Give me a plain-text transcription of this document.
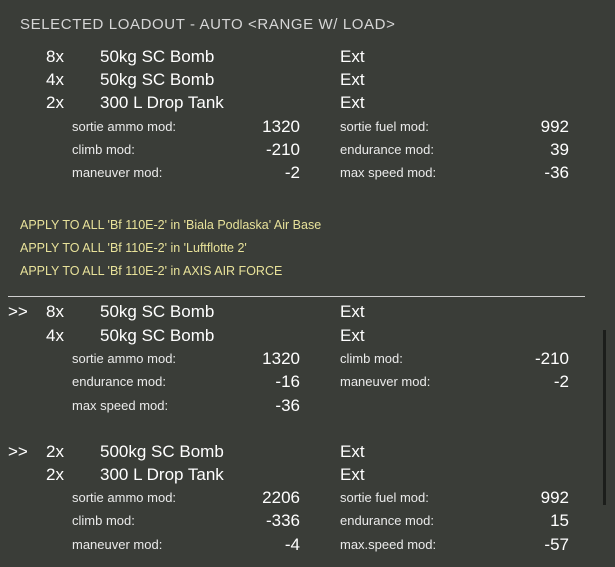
SELECTED LOADOUT - AUTO <RANGE W/ LOAD>
8x 50kg SC Bomb	Ext
4x 50kg SC Bomb	Ext
2x 300 L Drop Tank	Ext
sortie ammo mod:	1320	sortie fuel mod:	992
climb mod:	-210	endurance mod:	39
maneuver mod:	-2	max speed mod:	-36
APPLY TO ALL 'Bf 110E-2' in 'Biala Podlaska' Air Base
APPLY TO ALL 'Bf 110E-2' in 'Luftflotte 2'
APPLY TO ALL 'Bf 110E-2' in AXIS AIR FORCE
>> 8x 50kg SC Bomb	Ext
4x 50kg SC Bomb	Ext
sortie ammo mod:	1320	climb mod:	-210
endurance mod:	-16	maneuver mod:	-2
max speed mod:	-36
>> 2x 500kg SC Bomb	Ext
2x 300 L Drop Tank	Ext
sortie ammo mod:	2206	sortie fuel mod:	992
climb mod:	-336	endurance mod:	15
maneuver mod:	-4	max.speed mod:	-57
